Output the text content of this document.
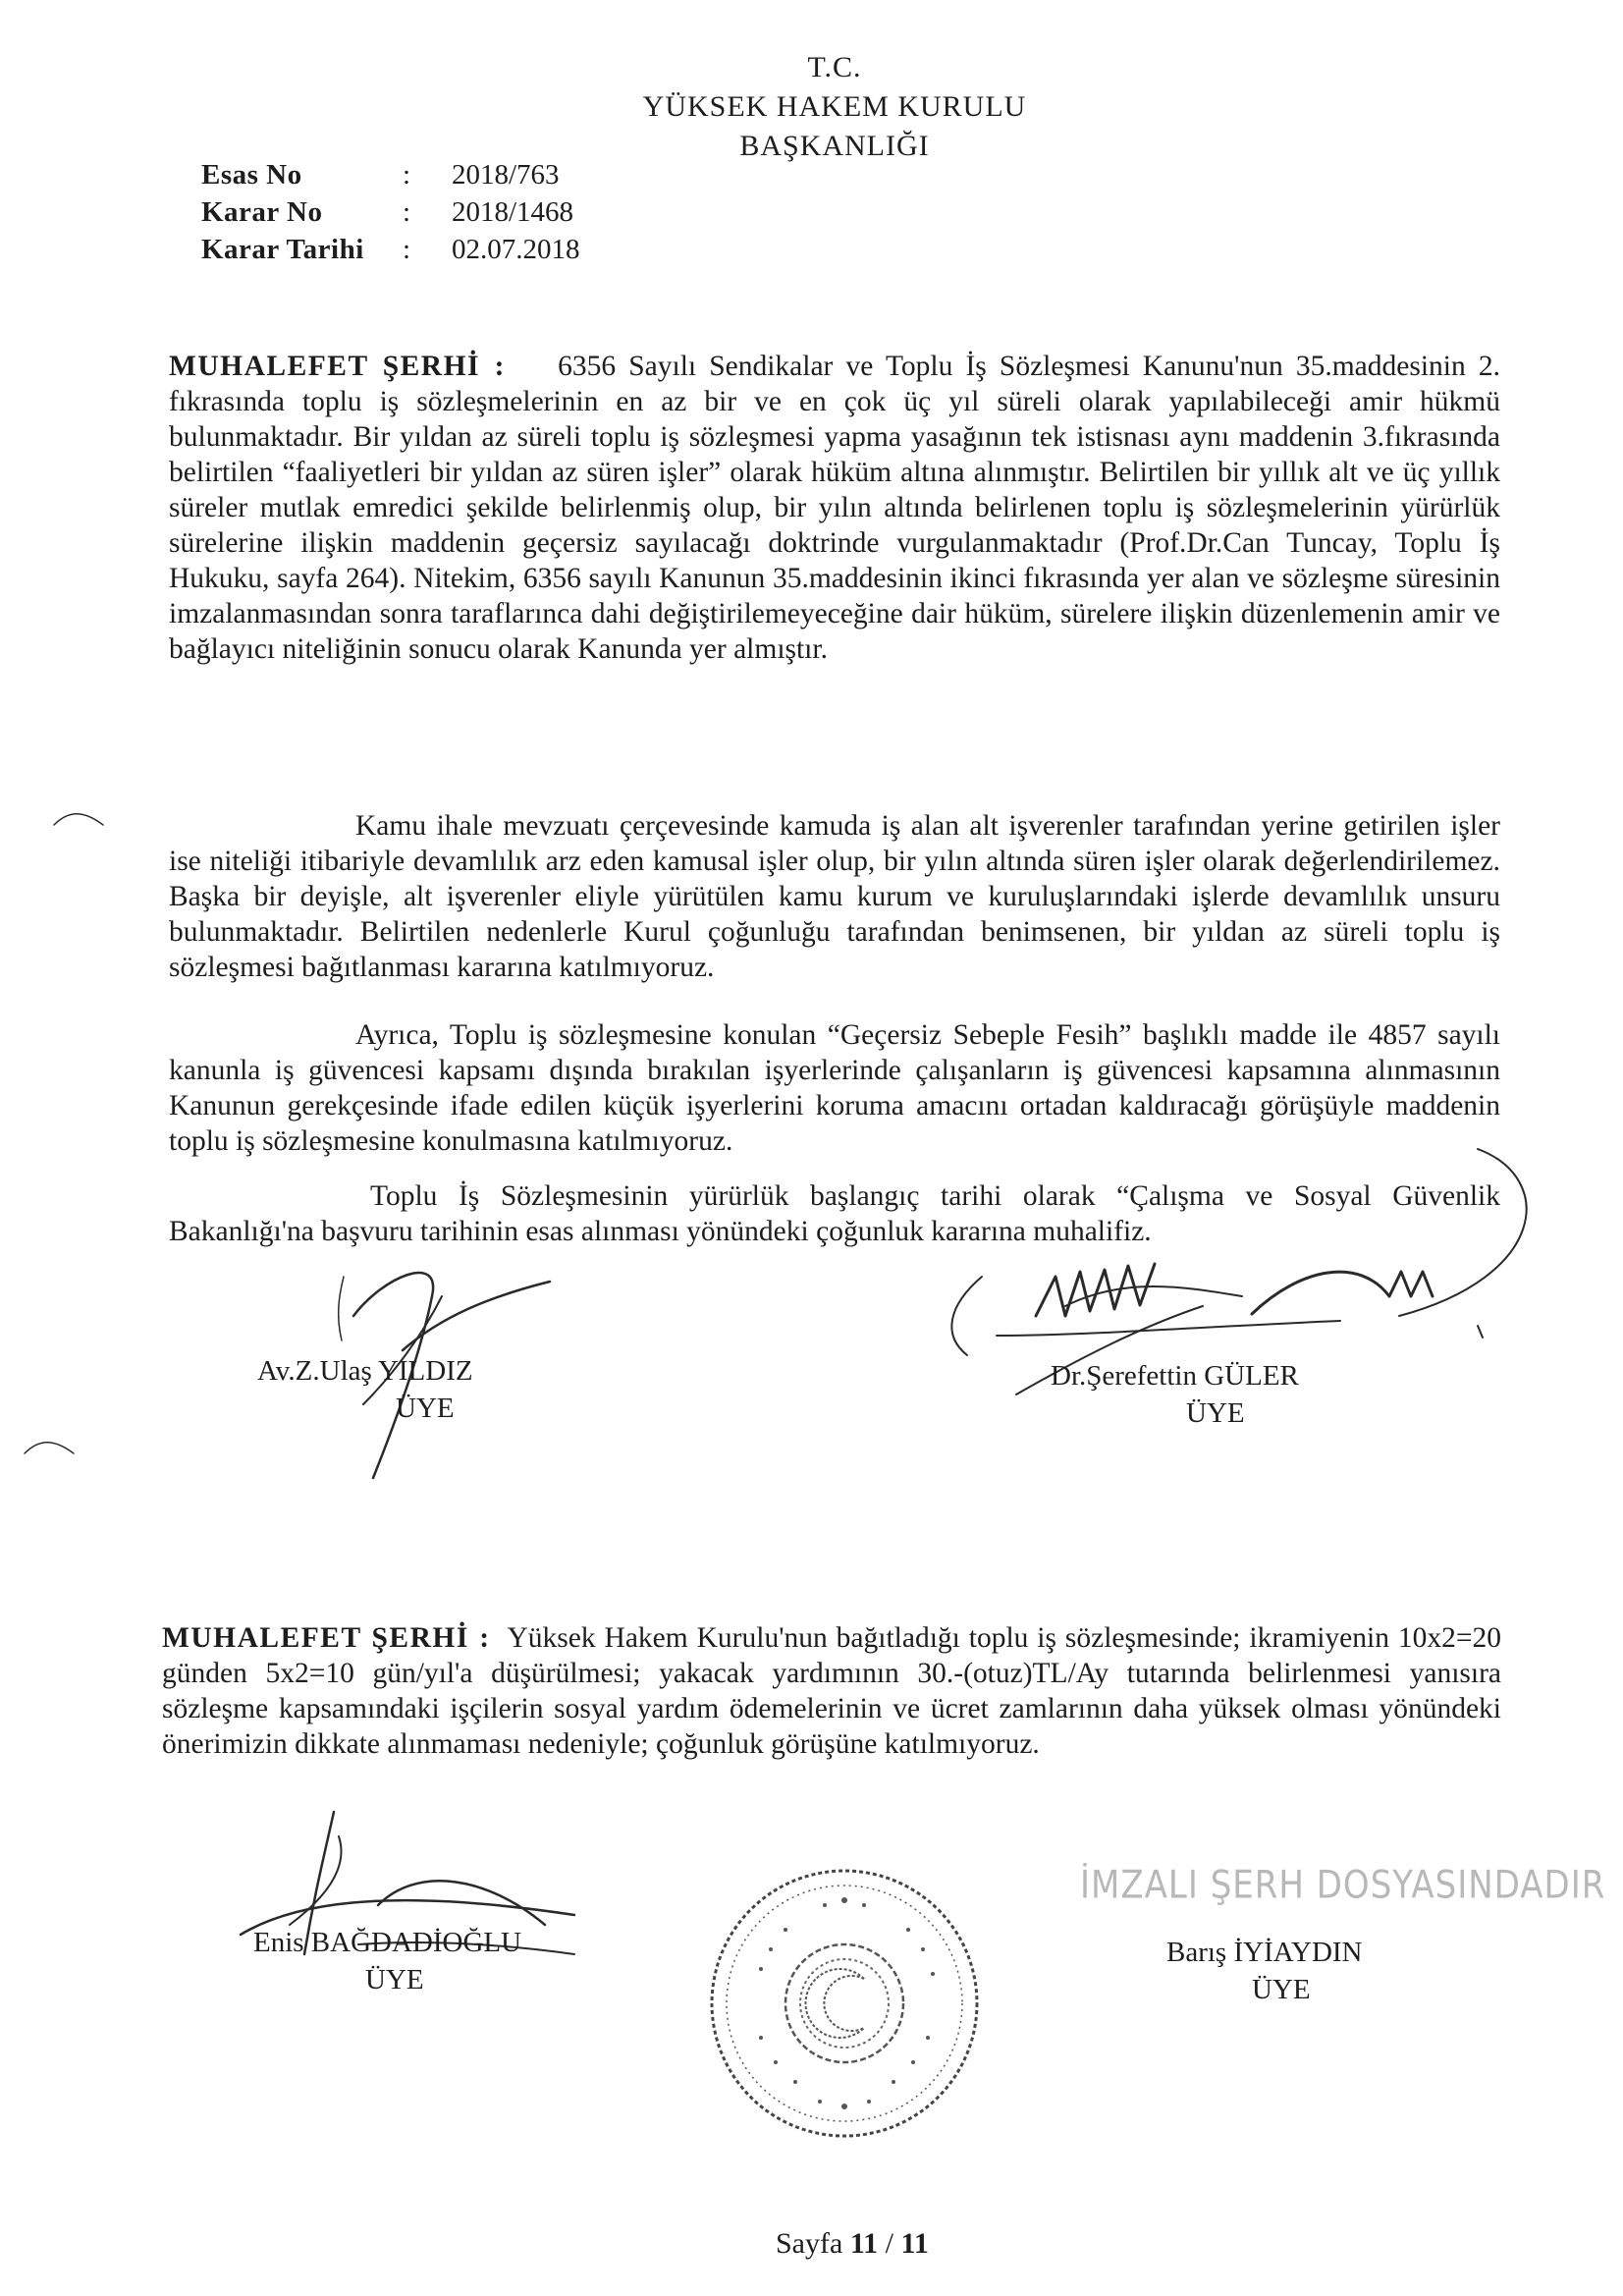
T.C.
YÜKSEK HAKEM KURULU
BAŞKANLIĞI
Esas No	: 2018/763
Karar No	: 2018/1468
Karar Tarihi	: 02.07.2018
MUHALEFET ŞERHİ : 6356 Sayılı Sendikalar ve Toplu İş Sözleşmesi Kanunu'nun 35.maddesinin 2. fıkrasında toplu iş sözleşmelerinin en az bir ve en çok üç yıl süreli olarak yapılabileceği amir hükmü bulunmaktadır. Bir yıldan az süreli toplu iş sözleşmesi yapma yasağının tek istisnası aynı maddenin 3.fıkrasında belirtilen “faaliyetleri bir yıldan az süren işler” olarak hüküm altına alınmıştır. Belirtilen bir yıllık alt ve üç yıllık süreler mutlak emredici şekilde belirlenmiş olup, bir yılın altında belirlenen toplu iş sözleşmelerinin yürürlük sürelerine ilişkin maddenin geçersiz sayılacağı doktrinde vurgulanmaktadır (Prof.Dr.Can Tuncay, Toplu İş Hukuku, sayfa 264). Nitekim, 6356 sayılı Kanunun 35.maddesinin ikinci fıkrasında yer alan ve sözleşme süresinin imzalanmasından sonra taraflarınca dahi değiştirilemeyeceğine dair hüküm, sürelere ilişkin düzenlemenin amir ve bağlayıcı niteliğinin sonucu olarak Kanunda yer almıştır.
Kamu ihale mevzuatı çerçevesinde kamuda iş alan alt işverenler tarafından yerine getirilen işler ise niteliği itibariyle devamlılık arz eden kamusal işler olup, bir yılın altında süren işler olarak değerlendirilemez. Başka bir deyişle, alt işverenler eliyle yürütülen kamu kurum ve kuruluşlarındaki işlerde devamlılık unsuru bulunmaktadır. Belirtilen nedenlerle Kurul çoğunluğu tarafından benimsenen, bir yıldan az süreli toplu iş sözleşmesi bağıtlanması kararına katılmıyoruz.
Ayrıca, Toplu iş sözleşmesine konulan “Geçersiz Sebeple Fesih” başlıklı madde ile 4857 sayılı kanunla iş güvencesi kapsamı dışında bırakılan işyerlerinde çalışanların iş güvencesi kapsamına alınmasının Kanunun gerekçesinde ifade edilen küçük işyerlerini koruma amacını ortadan kaldıracağı görüşüyle maddenin toplu iş sözleşmesine konulmasına katılmıyoruz.
Toplu İş Sözleşmesinin yürürlük başlangıç tarihi olarak “Çalışma ve Sosyal Güvenlik Bakanlığı'na başvuru tarihinin esas alınması yönündeki çoğunluk kararına muhalifiz.
Av.Z.Ulaş YILDIZ
ÜYE
Dr.Şerefettin GÜLER
ÜYE
MUHALEFET ŞERHİ : Yüksek Hakem Kurulu'nun bağıtladığı toplu iş sözleşmesinde; ikramiyenin 10x2=20 günden 5x2=10 gün/yıl'a düşürülmesi; yakacak yardımının 30.-(otuz)TL/Ay tutarında belirlenmesi yanısıra sözleşme kapsamındaki işçilerin sosyal yardım ödemelerinin ve ücret zamlarının daha yüksek olması yönündeki önerimizin dikkate alınmaması nedeniyle; çoğunluk görüşüne katılmıyoruz.
Enis BAĞDADİOĞLU
ÜYE
İMZALI ŞERH DOSYASINDADIR
Barış İYİAYDIN
ÜYE
Sayfa 11 / 11
